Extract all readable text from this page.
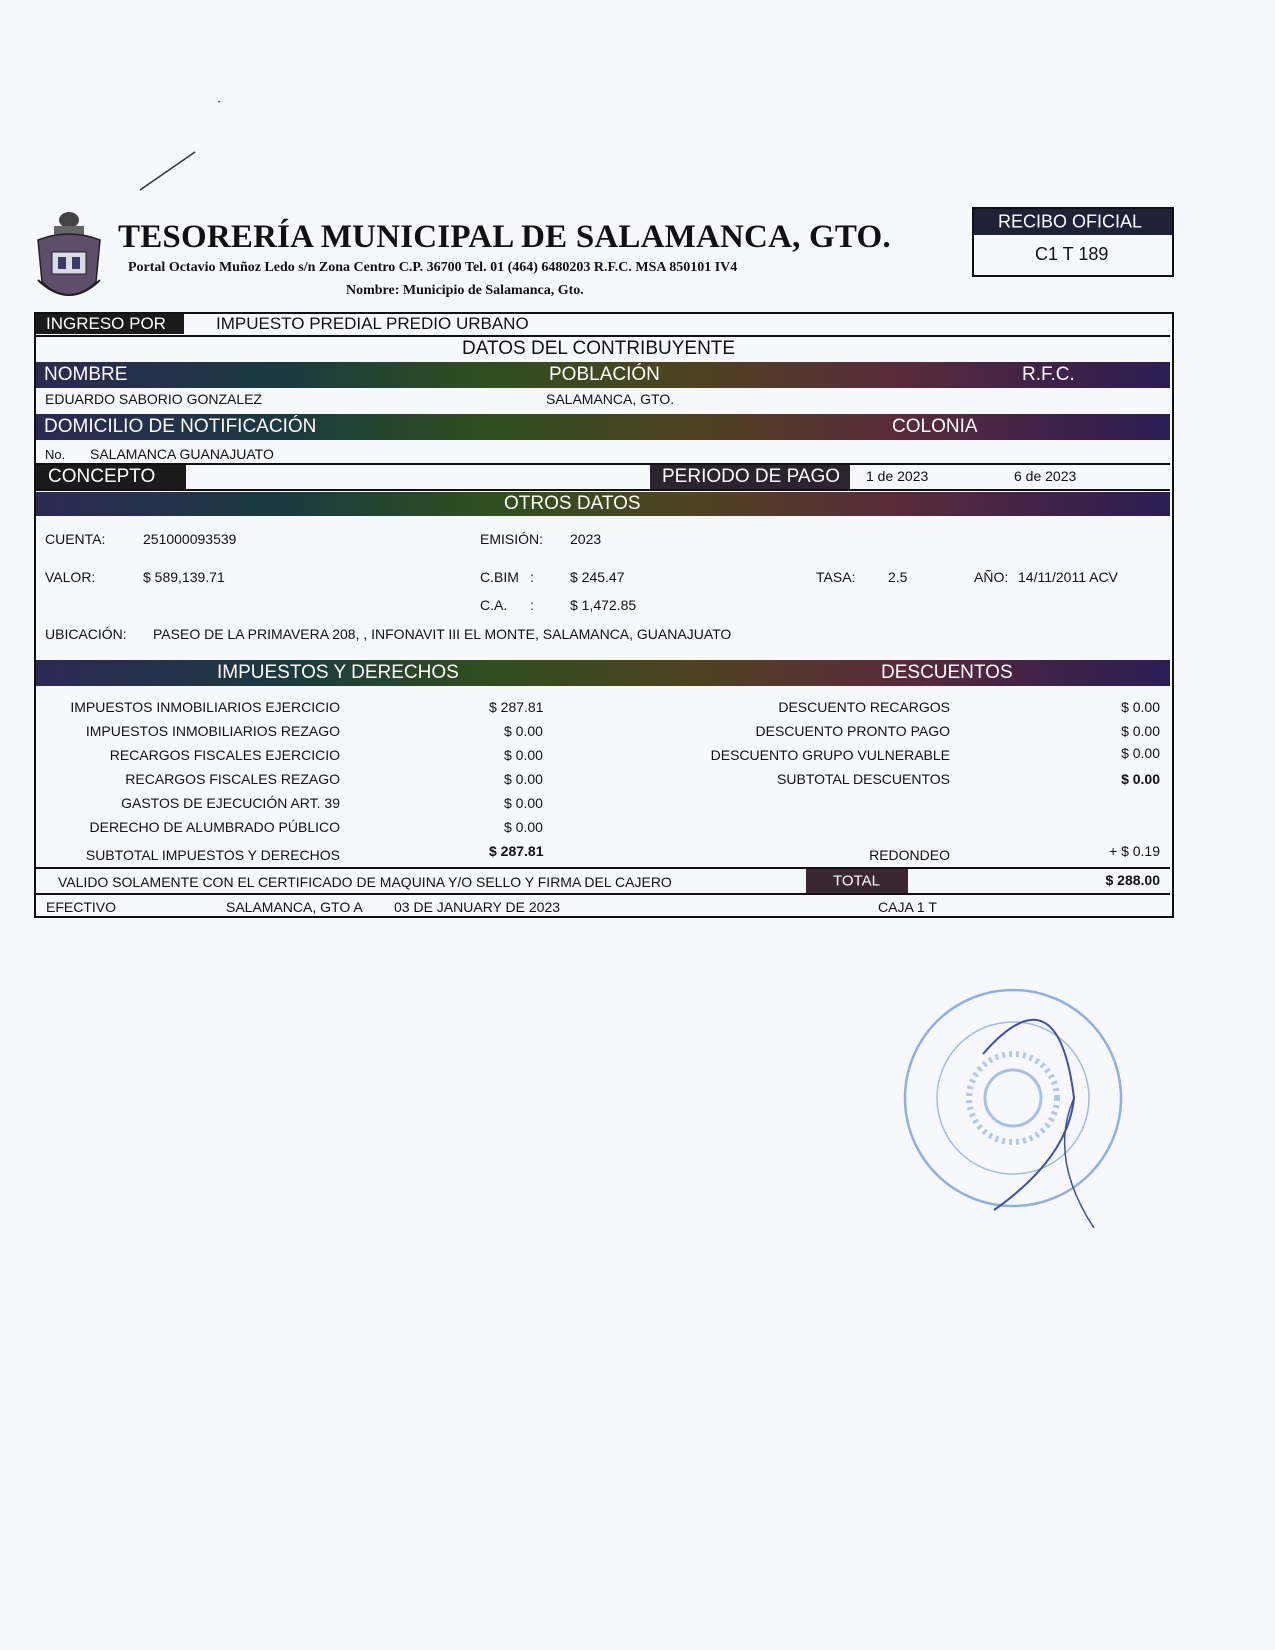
TESORERÍA MUNICIPAL DE SALAMANCA, GTO.
Portal Octavio Muñoz Ledo s/n Zona Centro C.P. 36700 Tel. 01 (464) 6480203 R.F.C. MSA 850101 IV4
Nombre: Municipio de Salamanca, Gto.
RECIBO OFICIAL
C1 T 189
INGRESO POR	IMPUESTO PREDIAL PREDIO URBANO
DATOS DEL CONTRIBUYENTE
NOMBRE	POBLACIÓN	R.F.C.
EDUARDO SABORIO GONZALEZ	SALAMANCA, GTO.
DOMICILIO DE NOTIFICACIÓN	COLONIA
No. SALAMANCA GUANAJUATO
CONCEPTO	PERIODO DE PAGO 1 de 2023	6 de 2023
OTROS DATOS
CUENTA:	251000093539	EMISIÓN: 2023
VALOR:	$ 589,139.71	C.BIM :	$ 245.47	TASA: 2.5	AÑO: 14/11/2011 ACV
C.A. :	$ 1,472.85
UBICACIÓN: PASEO DE LA PRIMAVERA 208, , INFONAVIT III EL MONTE, SALAMANCA, GUANAJUATO
IMPUESTOS Y DERECHOS	DESCUENTOS
IMPUESTOS INMOBILIARIOS EJERCICIO	$ 287.81
IMPUESTOS INMOBILIARIOS REZAGO	$ 0.00
RECARGOS FISCALES EJERCICIO	$ 0.00
RECARGOS FISCALES REZAGO	$ 0.00
GASTOS DE EJECUCIÓN ART. 39	$ 0.00
DERECHO DE ALUMBRADO PÚBLICO	$ 0.00
SUBTOTAL IMPUESTOS Y DERECHOS	$ 287.81
DESCUENTO RECARGOS	$ 0.00
DESCUENTO PRONTO PAGO	$ 0.00
DESCUENTO GRUPO VULNERABLE	$ 0.00
SUBTOTAL DESCUENTOS	$ 0.00
REDONDEO	+ $ 0.19
VALIDO SOLAMENTE CON EL CERTIFICADO DE MAQUINA Y/O SELLO Y FIRMA DEL CAJERO	TOTAL	$ 288.00
EFECTIVO	SALAMANCA, GTO A 03 DE JANUARY DE 2023	CAJA 1 T
